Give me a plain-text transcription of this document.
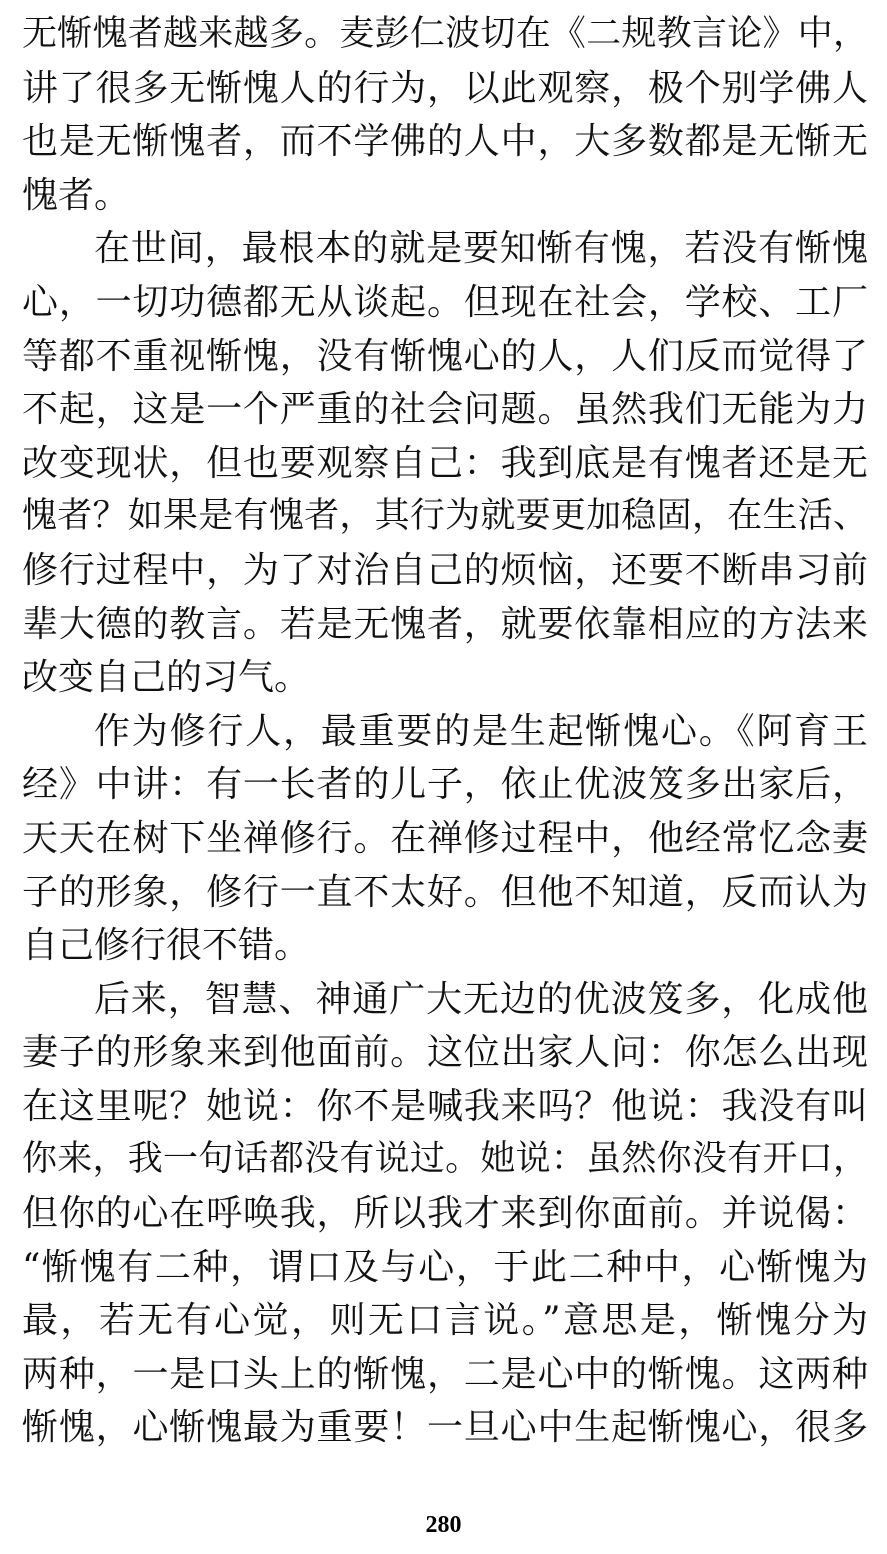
无惭愧者越来越多。麦彭仁波切在《二规教言论》中，
讲了很多无惭愧人的行为，以此观察，极个别学佛人
也是无惭愧者，而不学佛的人中，大多数都是无惭无
愧者。
在世间，最根本的就是要知惭有愧，若没有惭愧
心，一切功德都无从谈起。但现在社会，学校、工厂
等都不重视惭愧，没有惭愧心的人，人们反而觉得了
不起，这是一个严重的社会问题。虽然我们无能为力
改变现状，但也要观察自己：我到底是有愧者还是无
愧者？如果是有愧者，其行为就要更加稳固，在生活、
修行过程中，为了对治自己的烦恼，还要不断串习前
辈大德的教言。若是无愧者，就要依靠相应的方法来
改变自己的习气。
作为修行人，最重要的是生起惭愧心。《阿育王
经》中讲：有一长者的儿子，依止优波笈多出家后，
天天在树下坐禅修行。在禅修过程中，他经常忆念妻
子的形象，修行一直不太好。但他不知道，反而认为
自己修行很不错。
后来，智慧、神通广大无边的优波笈多，化成他
妻子的形象来到他面前。这位出家人问：你怎么出现
在这里呢？她说：你不是喊我来吗？他说：我没有叫
你来，我一句话都没有说过。她说：虽然你没有开口，
但你的心在呼唤我，所以我才来到你面前。并说偈：
“惭愧有二种，谓口及与心，于此二种中，心惭愧为
最，若无有心觉，则无口言说。”意思是，惭愧分为
两种，一是口头上的惭愧，二是心中的惭愧。这两种
惭愧，心惭愧最为重要！一旦心中生起惭愧心，很多
280
